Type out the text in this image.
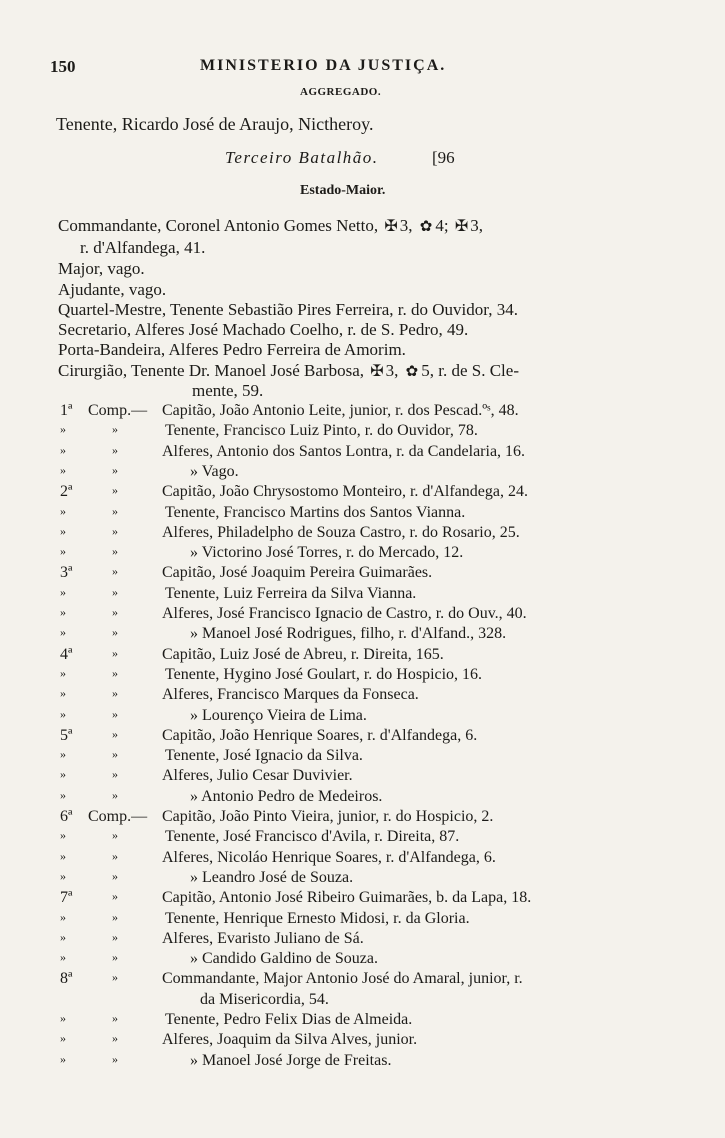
150	MINISTERIO DA JUSTIÇA.
AGGREGADO.
Tenente, Ricardo José de Araujo, Nictheroy.
Terceiro Batalhão.	[96
Estado-Maior.
Commandante, Coronel Antonio Gomes Netto, ✠ 3, ✿ 4; ✠ 3,
r. d'Alfandega, 41.
Major, vago.
Ajudante, vago.
Quartel-Mestre, Tenente Sebastião Pires Ferreira, r. do Ouvidor, 34.
Secretario, Alferes José Machado Coelho, r. de S. Pedro, 49.
Porta-Bandeira, Alferes Pedro Ferreira de Amorim.
Cirurgião, Tenente Dr. Manoel José Barbosa, ✠ 3, ✿ 5, r. de S. Cle-
mente, 59.
1ª Comp.— Capitão, João Antonio Leite, junior, r. dos Pescad.ºˢ, 48.
»	»	Tenente, Francisco Luiz Pinto, r. do Ouvidor, 78.
»	»	Alferes, Antonio dos Santos Lontra, r. da Candelaria, 16.
»	»	» Vago.
2ª	»	Capitão, João Chrysostomo Monteiro, r. d'Alfandega, 24.
»	»	Tenente, Francisco Martins dos Santos Vianna.
»	»	Alferes, Philadelpho de Souza Castro, r. do Rosario, 25.
»	»	» Victorino José Torres, r. do Mercado, 12.
3ª	»	Capitão, José Joaquim Pereira Guimarães.
»	»	Tenente, Luiz Ferreira da Silva Vianna.
»	»	Alferes, José Francisco Ignacio de Castro, r. do Ouv., 40.
»	»	» Manoel José Rodrigues, filho, r. d'Alfand., 328.
4ª	»	Capitão, Luiz José de Abreu, r. Direita, 165.
»	»	Tenente, Hygino José Goulart, r. do Hospicio, 16.
»	»	Alferes, Francisco Marques da Fonseca.
»	»	» Lourenço Vieira de Lima.
5ª	»	Capitão, João Henrique Soares, r. d'Alfandega, 6.
»	»	Tenente, José Ignacio da Silva.
»	»	Alferes, Julio Cesar Duvivier.
»	»	» Antonio Pedro de Medeiros.
6ª Comp.— Capitão, João Pinto Vieira, junior, r. do Hospicio, 2.
»	»	Tenente, José Francisco d'Avila, r. Direita, 87.
»	»	Alferes, Nicoláo Henrique Soares, r. d'Alfandega, 6.
»	»	» Leandro José de Souza.
7ª	»	Capitão, Antonio José Ribeiro Guimarães, b. da Lapa, 18.
»	»	Tenente, Henrique Ernesto Midosi, r. da Gloria.
»	»	Alferes, Evaristo Juliano de Sá.
»	»	» Candido Galdino de Souza.
8ª	»	Commandante, Major Antonio José do Amaral, junior, r.
da Misericordia, 54.
»	»	Tenente, Pedro Felix Dias de Almeida.
»	»	Alferes, Joaquim da Silva Alves, junior.
»	»	» Manoel José Jorge de Freitas.
